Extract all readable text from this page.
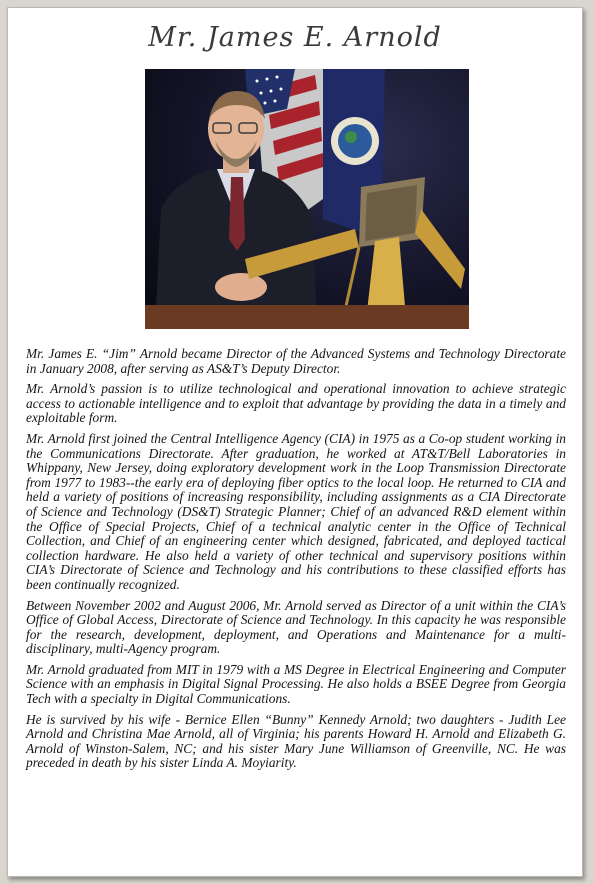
Mr. James E. Arnold

Mr. James E. “Jim” Arnold became Director of the Advanced Systems and Technology Directorate in January 2008, after serving as AS&T’s Deputy Director.

Mr. Arnold’s passion is to utilize technological and operational innovation to achieve strategic access to actionable intelligence and to exploit that advantage by providing the data in a timely and exploitable form.

Mr. Arnold first joined the Central Intelligence Agency (CIA) in 1975 as a Co-op student working in the Communications Directorate. After graduation, he worked at AT&T/Bell Laboratories in Whippany, New Jersey, doing exploratory development work in the Loop Transmission Directorate from 1977 to 1983--the early era of deploying fiber optics to the local loop. He returned to CIA and held a variety of positions of increasing responsibility, including assignments as a CIA Directorate of Science and Technology (DS&T) Strategic Planner; Chief of an advanced R&D element within the Office of Special Projects, Chief of a technical analytic center in the Office of Technical Collection, and Chief of an engineering center which designed, fabricated, and deployed tactical collection hardware. He also held a variety of other technical and supervisory positions within CIA’s Directorate of Science and Technology and his contributions to these classified efforts has been continually recognized.

Between November 2002 and August 2006, Mr. Arnold served as Director of a unit within the CIA’s Office of Global Access, Directorate of Science and Technology. In this capacity he was responsible for the research, development, deployment, and Operations and Maintenance for a multi-disciplinary, multi-Agency program.

Mr. Arnold graduated from MIT in 1979 with a MS Degree in Electrical Engineering and Computer Science with an emphasis in Digital Signal Processing. He also holds a BSEE Degree from Georgia Tech with a specialty in Digital Communications.

He is survived by his wife - Bernice Ellen “Bunny” Kennedy Arnold; two daughters - Judith Lee Arnold and Christina Mae Arnold, all of Virginia; his parents Howard H. Arnold and Elizabeth G. Arnold of Winston-Salem, NC; and his sister Mary June Williamson of Greenville, NC. He was preceded in death by his sister Linda A. Moyiarity.
